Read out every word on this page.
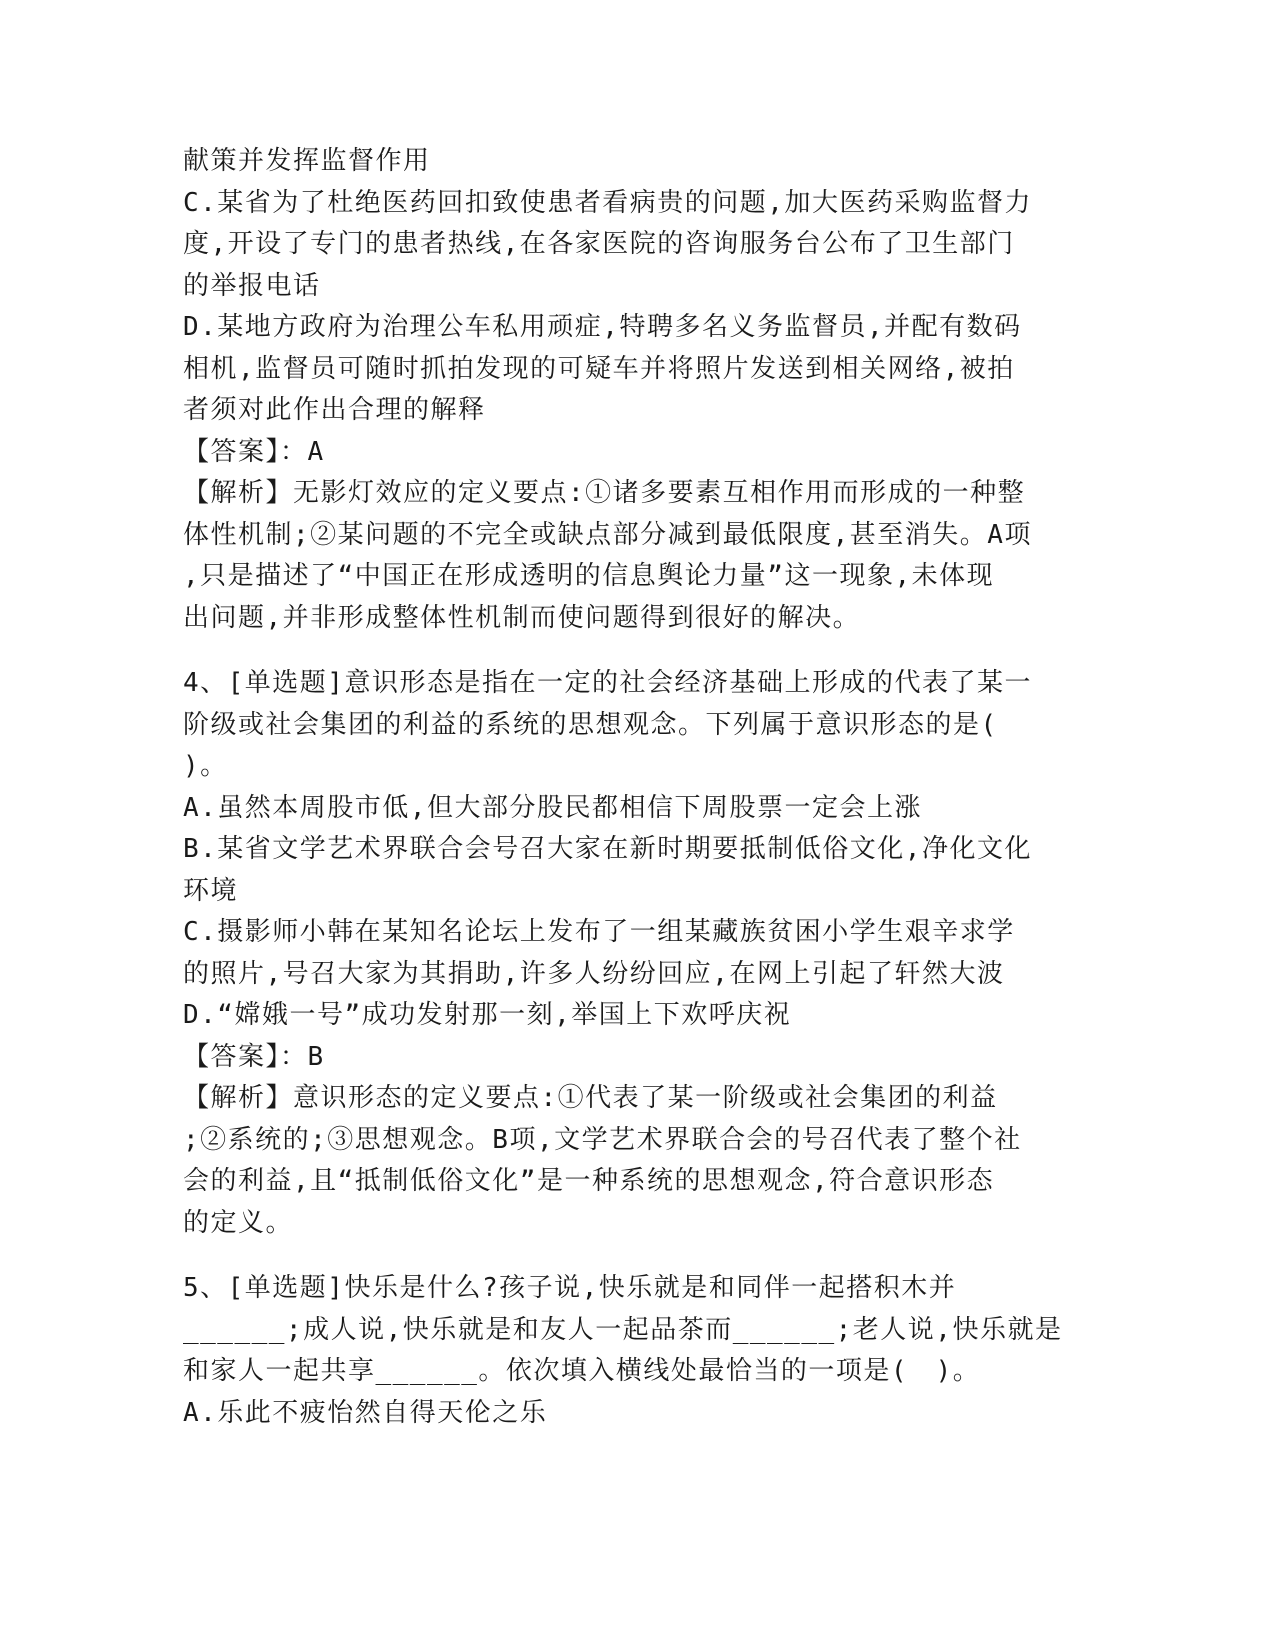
献策并发挥监督作用
C.某省为了杜绝医药回扣致使患者看病贵的问题,加大医药采购监督力
度,开设了专门的患者热线,在各家医院的咨询服务台公布了卫生部门
的举报电话
D.某地方政府为治理公车私用顽症,特聘多名义务监督员,并配有数码
相机,监督员可随时抓拍发现的可疑车并将照片发送到相关网络,被拍
者须对此作出合理的解释
【答案】：A
【解析】无影灯效应的定义要点:①诸多要素互相作用而形成的一种整
体性机制;②某问题的不完全或缺点部分减到最低限度,甚至消失。A项
,只是描述了“中国正在形成透明的信息舆论力量”这一现象,未体现
出问题,并非形成整体性机制而使问题得到很好的解决。
4、[单选题]意识形态是指在一定的社会经济基础上形成的代表了某一
阶级或社会集团的利益的系统的思想观念。下列属于意识形态的是(
)。
A.虽然本周股市低,但大部分股民都相信下周股票一定会上涨
B.某省文学艺术界联合会号召大家在新时期要抵制低俗文化,净化文化
环境
C.摄影师小韩在某知名论坛上发布了一组某藏族贫困小学生艰辛求学
的照片,号召大家为其捐助,许多人纷纷回应,在网上引起了轩然大波
D.“嫦娥一号”成功发射那一刻,举国上下欢呼庆祝
【答案】：B
【解析】意识形态的定义要点:①代表了某一阶级或社会集团的利益
;②系统的;③思想观念。B项,文学艺术界联合会的号召代表了整个社
会的利益,且“抵制低俗文化”是一种系统的思想观念,符合意识形态
的定义。
5、[单选题]快乐是什么?孩子说,快乐就是和同伴一起搭积木并
______;成人说,快乐就是和友人一起品茶而______;老人说,快乐就是
和家人一起共享______。依次填入横线处最恰当的一项是(　)。
A.乐此不疲怡然自得天伦之乐
